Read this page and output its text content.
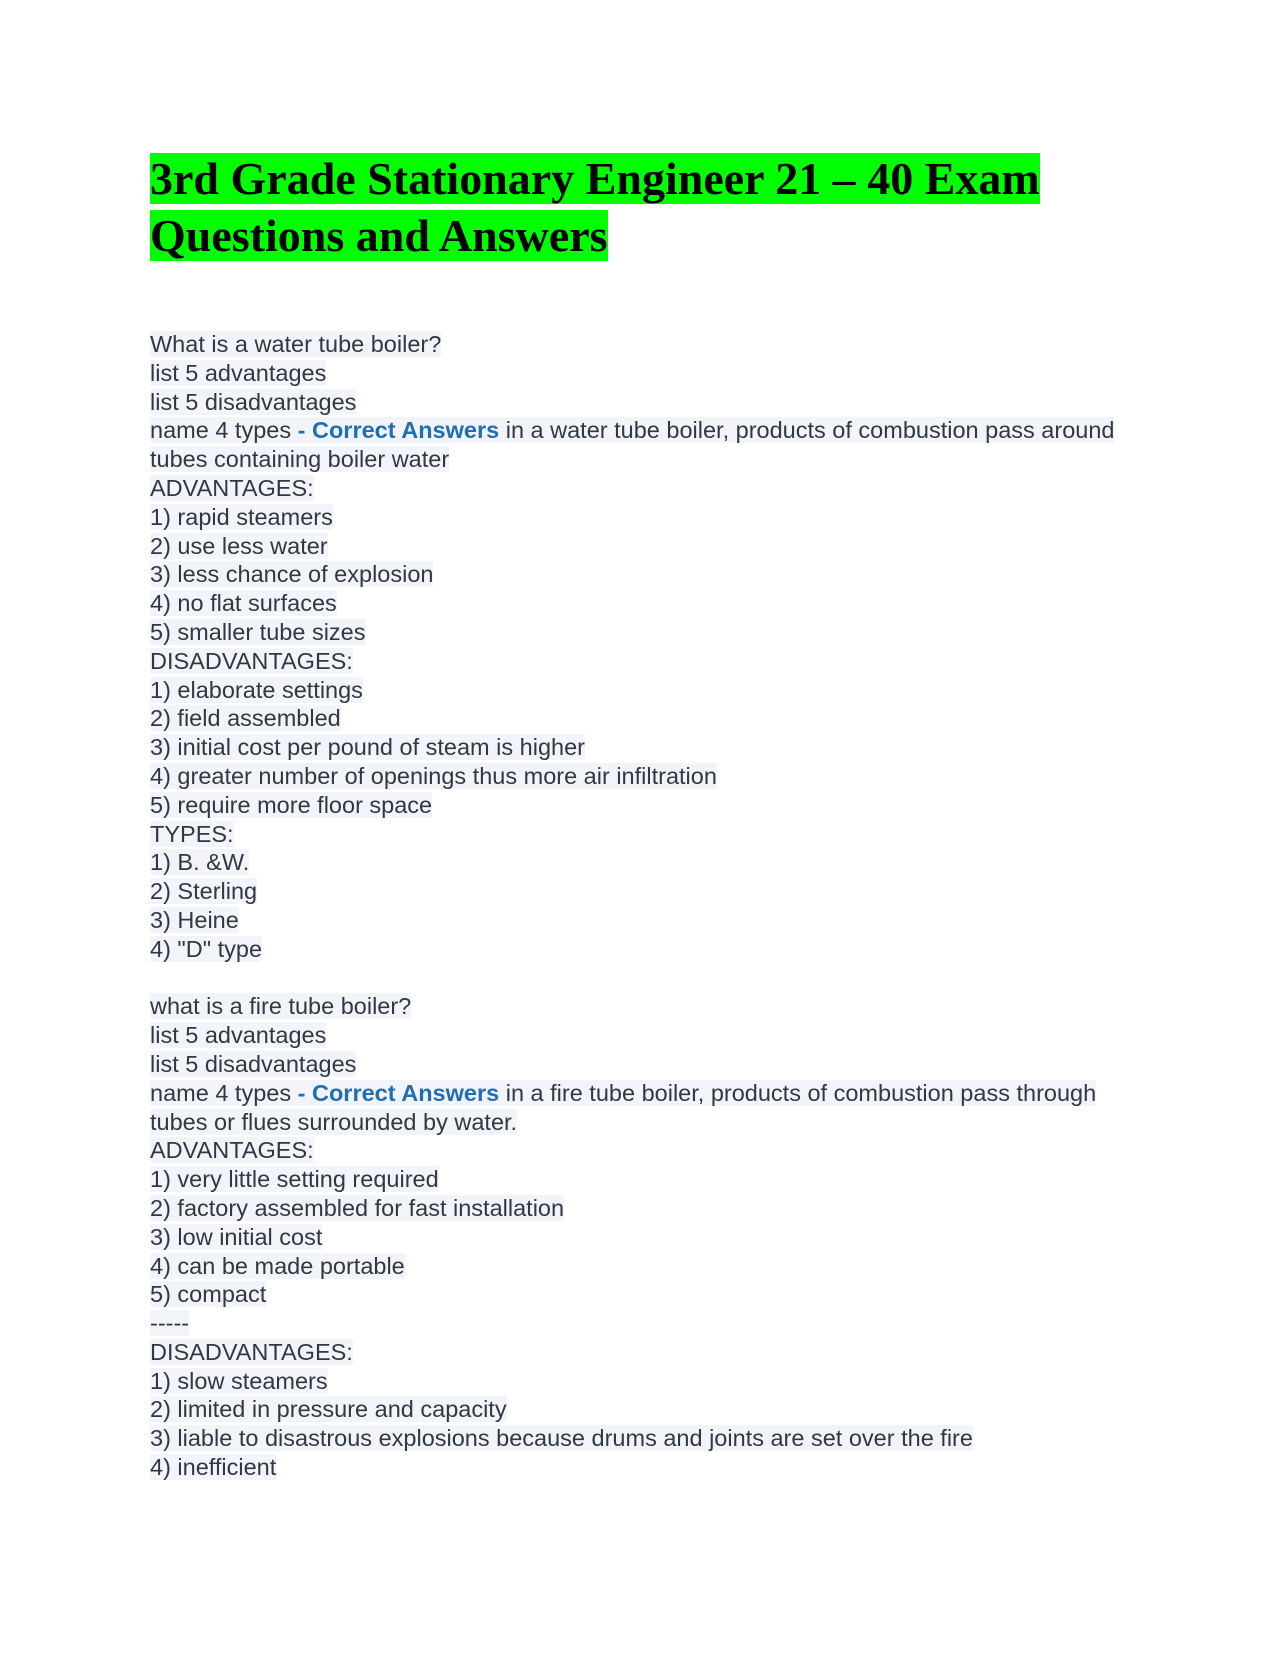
3rd Grade Stationary Engineer 21 – 40 Exam Questions and Answers
What is a water tube boiler?
list 5 advantages
list 5 disadvantages
name 4 types - Correct Answers in a water tube boiler, products of combustion pass around tubes containing boiler water
ADVANTAGES:
1) rapid steamers
2) use less water
3) less chance of explosion
4) no flat surfaces
5) smaller tube sizes
DISADVANTAGES:
1) elaborate settings
2) field assembled
3) initial cost per pound of steam is higher
4) greater number of openings thus more air infiltration
5) require more floor space
TYPES:
1) B. &W.
2) Sterling
3) Heine
4) "D" type
what is a fire tube boiler?
list 5 advantages
list 5 disadvantages
name 4 types - Correct Answers in a fire tube boiler, products of combustion pass through tubes or flues surrounded by water.
ADVANTAGES:
1) very little setting required
2) factory assembled for fast installation
3) low initial cost
4) can be made portable
5) compact
-----
DISADVANTAGES:
1) slow steamers
2) limited in pressure and capacity
3) liable to disastrous explosions because drums and joints are set over the fire
4) inefficient
